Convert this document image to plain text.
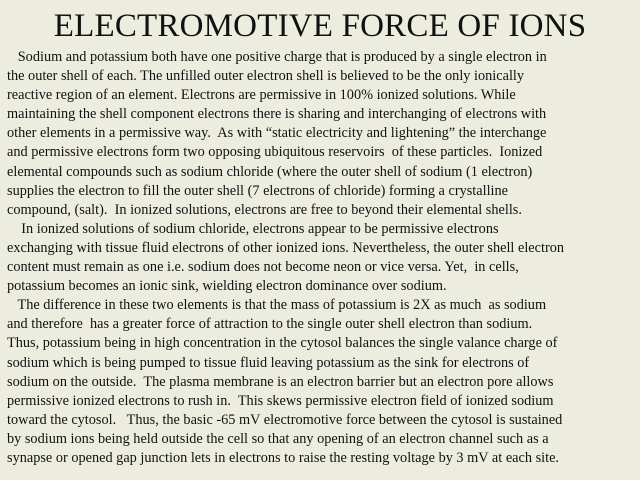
ELECTROMOTIVE FORCE OF IONS
Sodium and potassium both have one positive charge that is produced by a single electron in
the outer shell of each. The unfilled outer electron shell is believed to be the only ionically
reactive region of an element. Electrons are permissive in 100% ionized solutions. While
maintaining the shell component electrons there is sharing and interchanging of electrons with
other elements in a permissive way.  As with “static electricity and lightening” the interchange
and permissive electrons form two opposing ubiquitous reservoirs  of these particles.  Ionized
elemental compounds such as sodium chloride (where the outer shell of sodium (1 electron)
supplies the electron to fill the outer shell (7 electrons of chloride) forming a crystalline
compound, (salt).  In ionized solutions, electrons are free to beyond their elemental shells.
In ionized solutions of sodium chloride, electrons appear to be permissive electrons
exchanging with tissue fluid electrons of other ionized ions. Nevertheless, the outer shell electron
content must remain as one i.e. sodium does not become neon or vice versa. Yet,  in cells,
potassium becomes an ionic sink, wielding electron dominance over sodium.
The difference in these two elements is that the mass of potassium is 2X as much  as sodium
and therefore  has a greater force of attraction to the single outer shell electron than sodium.
Thus, potassium being in high concentration in the cytosol balances the single valance charge of
sodium which is being pumped to tissue fluid leaving potassium as the sink for electrons of
sodium on the outside.  The plasma membrane is an electron barrier but an electron pore allows
permissive ionized electrons to rush in.  This skews permissive electron field of ionized sodium
toward the cytosol.   Thus, the basic -65 mV electromotive force between the cytosol is sustained
by sodium ions being held outside the cell so that any opening of an electron channel such as a
synapse or opened gap junction lets in electrons to raise the resting voltage by 3 mV at each site.
